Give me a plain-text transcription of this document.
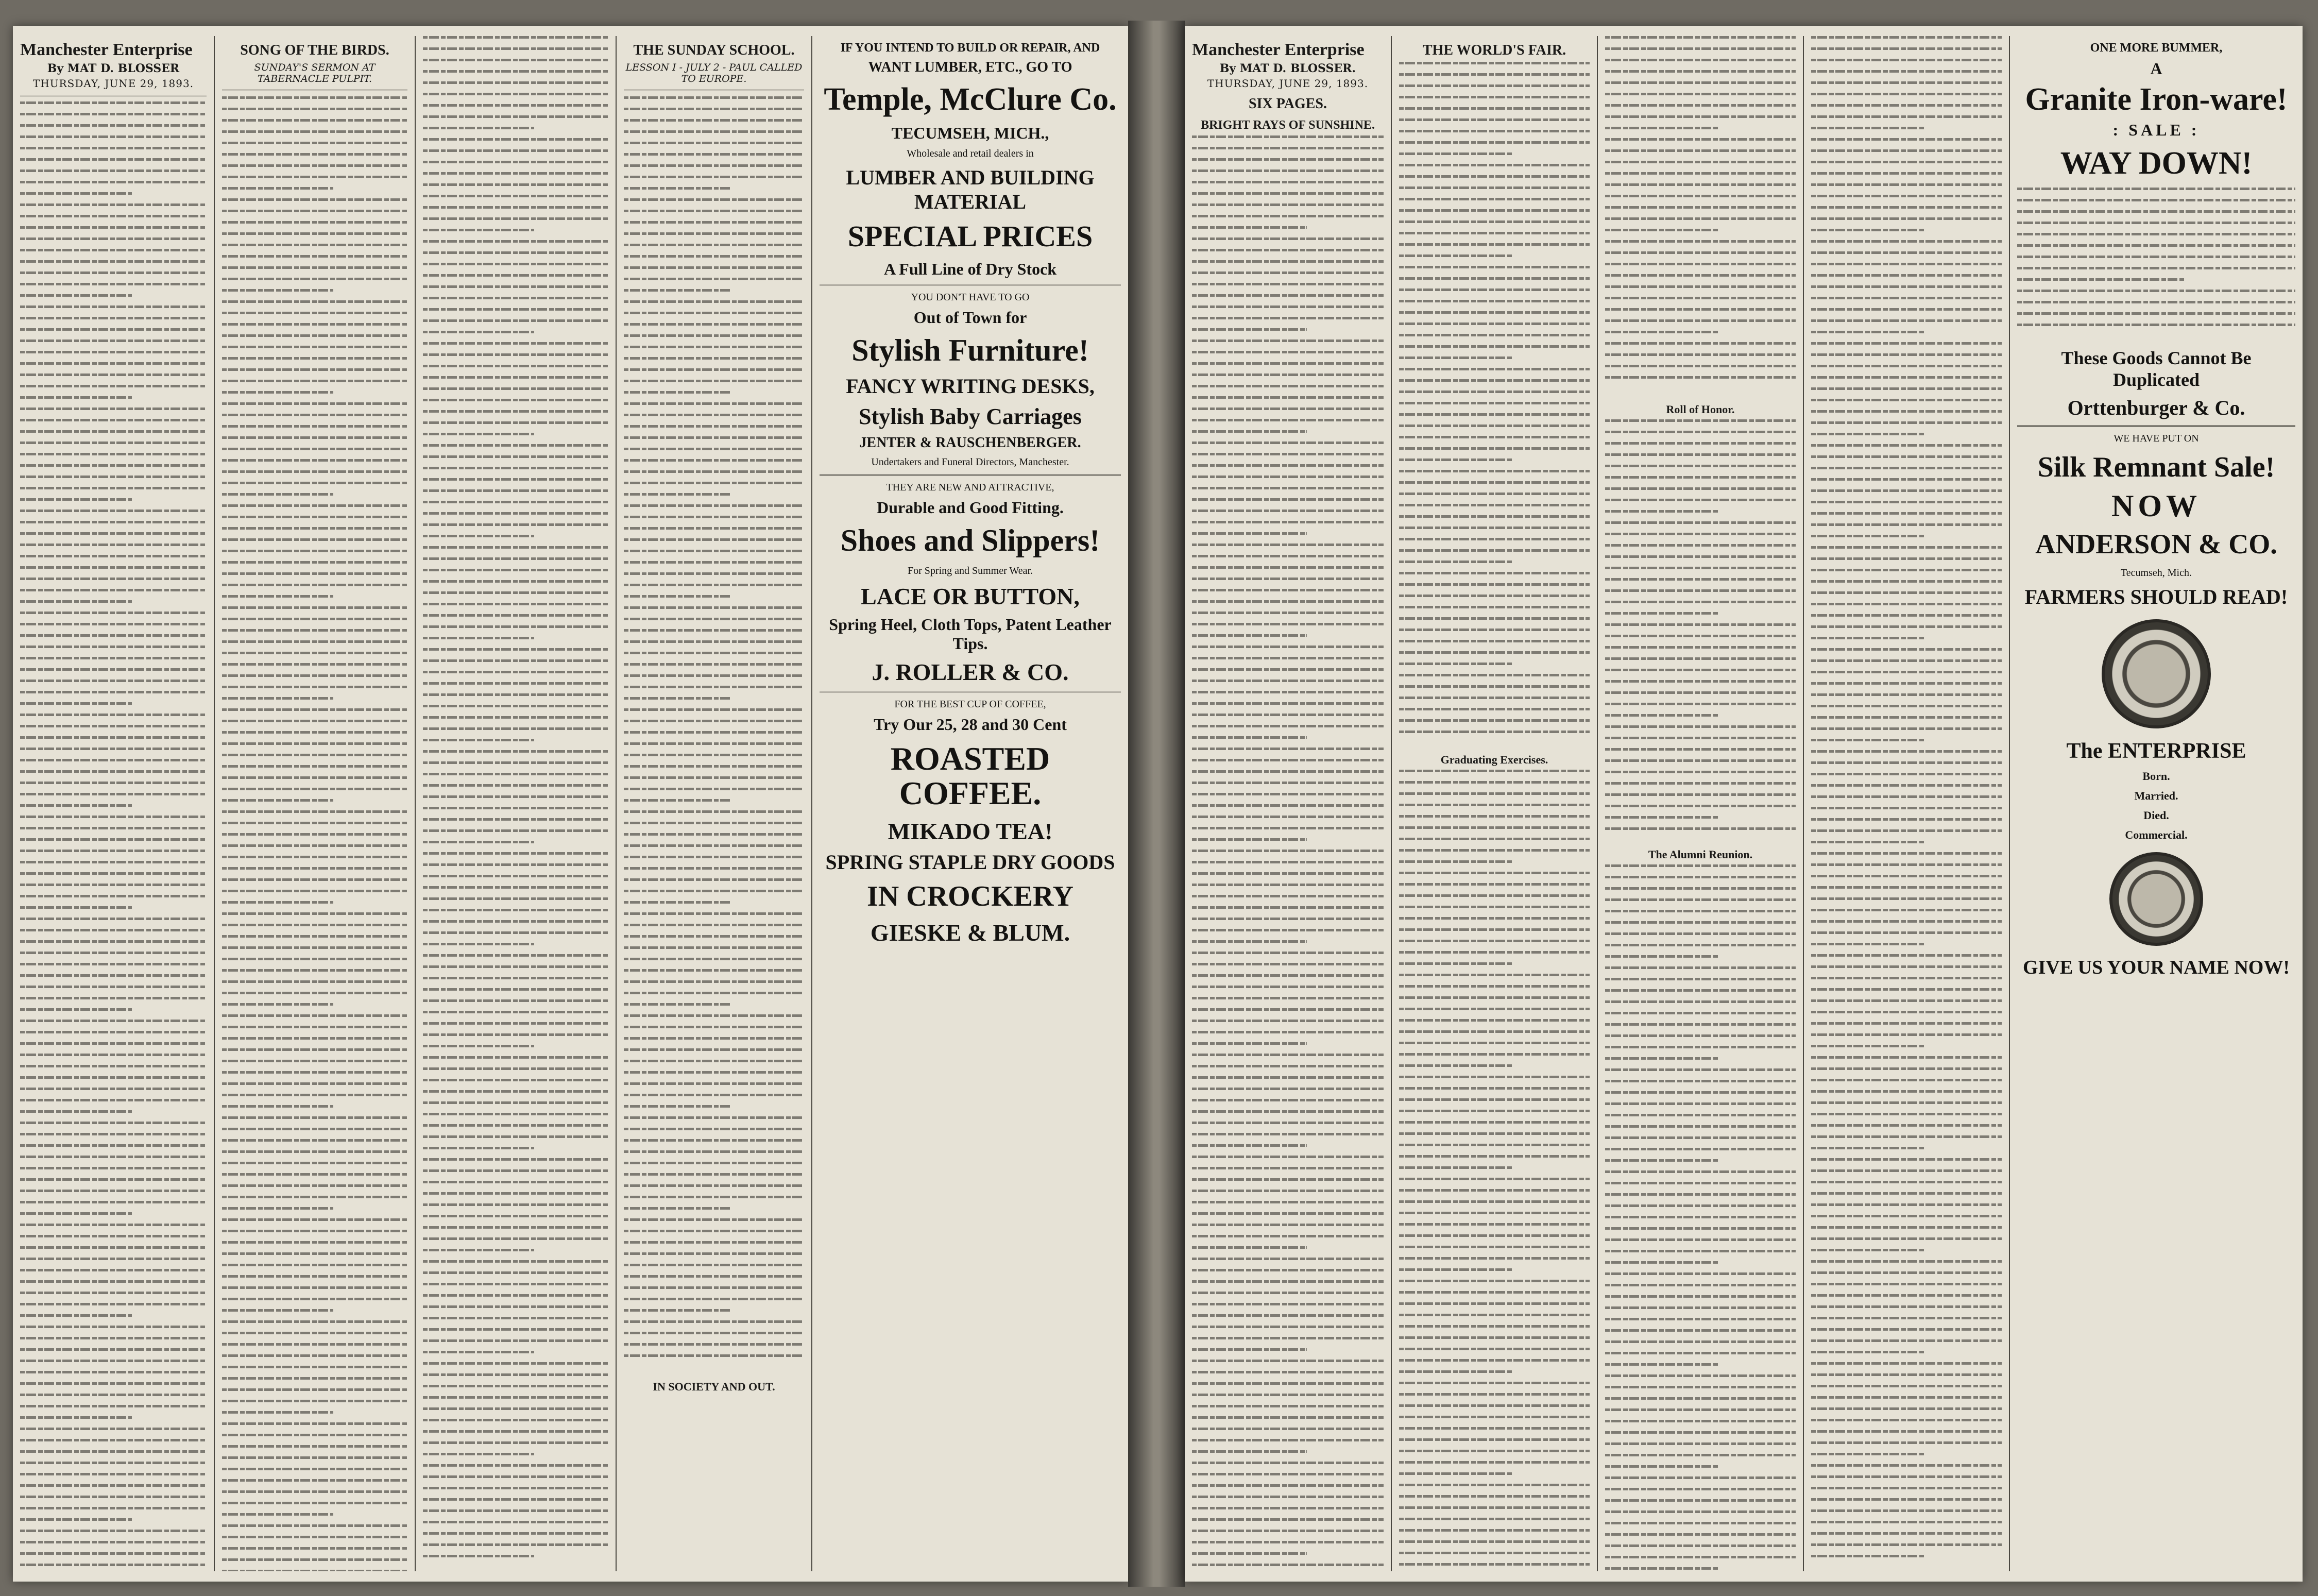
Manchester Enterprise
By MAT D. BLOSSER
THURSDAY, JUNE 29, 1893.
SONG OF THE BIRDS.
SUNDAY'S SERMON AT TABERNACLE PULPIT.
THE SUNDAY SCHOOL.
LESSON I - JULY 2 - PAUL CALLED TO EUROPE.
IN SOCIETY AND OUT.
IF YOU INTEND TO BUILD OR REPAIR, AND
WANT LUMBER, ETC., GO TO
Temple, McClure Co.
TECUMSEH, MICH.,
Wholesale and retail dealers in
LUMBER AND BUILDING MATERIAL
SPECIAL PRICES
A Full Line of Dry Stock
YOU DON'T HAVE TO GO
Out of Town for
Stylish Furniture!
FANCY WRITING DESKS,
Stylish Baby Carriages
JENTER & RAUSCHENBERGER.
Undertakers and Funeral Directors, Manchester.
THEY ARE NEW AND ATTRACTIVE,
Durable and Good Fitting.
Shoes and Slippers!
For Spring and Summer Wear.
LACE OR BUTTON,
Spring Heel, Cloth Tops, Patent Leather Tips.
J. ROLLER & CO.
FOR THE BEST CUP OF COFFEE,
Try Our 25, 28 and 30 Cent
ROASTED COFFEE.
MIKADO TEA!
SPRING STAPLE DRY GOODS
IN CROCKERY
GIESKE & BLUM.
Manchester Enterprise
By MAT D. BLOSSER.
THURSDAY, JUNE 29, 1893.
SIX PAGES.
BRIGHT RAYS OF SUNSHINE.
THE WORLD'S FAIR.
Graduating Exercises.
Roll of Honor.
The Alumni Reunion.
ONE MORE BUMMER,
A
Granite Iron-ware!
: SALE :
WAY DOWN!
These Goods Cannot Be Duplicated
Orttenburger & Co.
WE HAVE PUT ON
Silk Remnant Sale!
NOW
ANDERSON & CO.
Tecumseh, Mich.
FARMERS SHOULD READ!
The ENTERPRISE
Born.
Married.
Died.
Commercial.
GIVE US YOUR NAME NOW!
